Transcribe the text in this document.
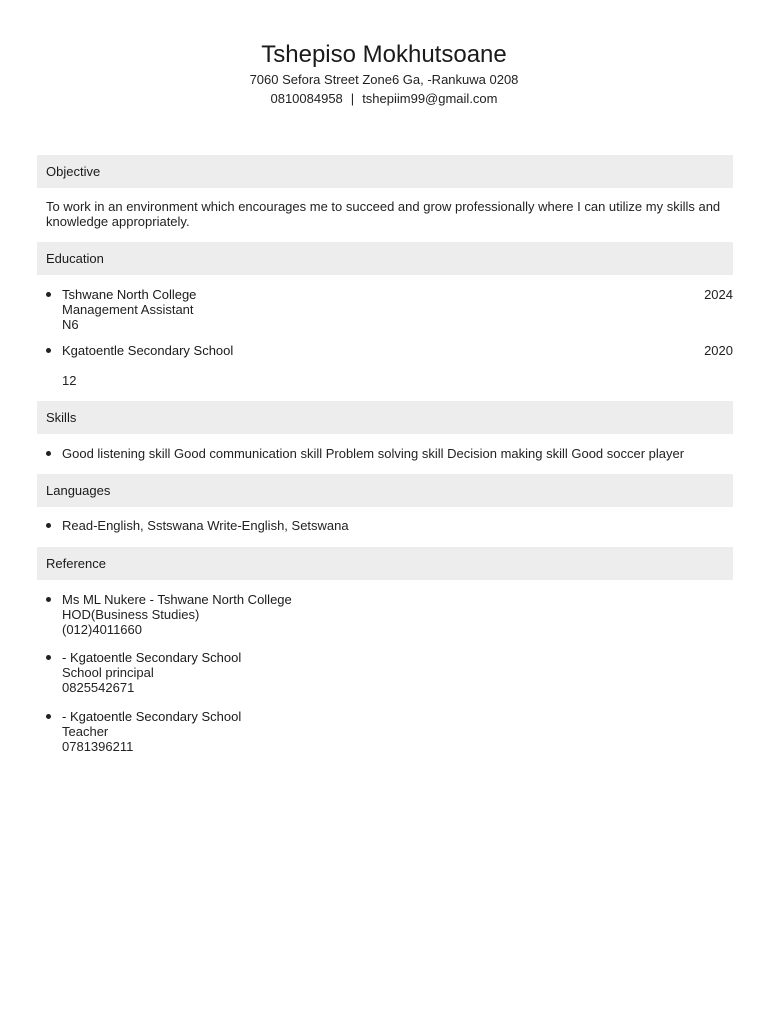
Tshepiso Mokhutsoane
7060 Sefora Street Zone6 Ga, -Rankuwa 0208
0810084958 | tshepiim99@gmail.com
Objective
To work in an environment which encourages me to succeed and grow professionally where I can utilize my skills and knowledge appropriately.
Education
Tshwane North College
Management Assistant
N6
2024
Kgatoentle Secondary School
12
2020
Skills
Good listening skill Good communication skill Problem solving skill Decision making skill Good soccer player
Languages
Read-English, Sstswana Write-English, Setswana
Reference
Ms ML Nukere - Tshwane North College
HOD(Business Studies)
(012)4011660
- Kgatoentle Secondary School
School principal
0825542671
- Kgatoentle Secondary School
Teacher
0781396211
